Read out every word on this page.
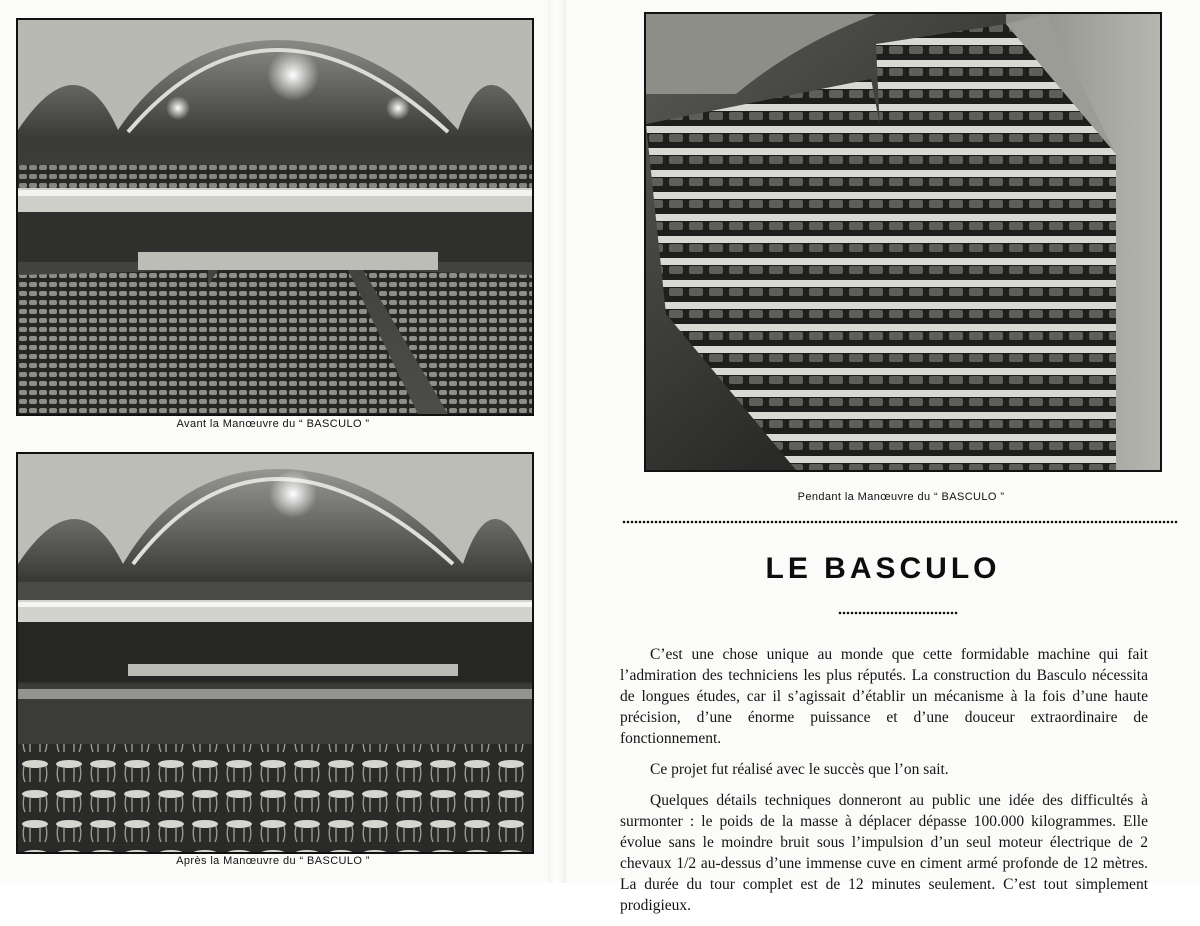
Avant la Manœuvre du “ BASCULO ”
Après la Manœuvre du “ BASCULO ”
Pendant la Manœuvre du “ BASCULO ”
LE BASCULO

C’est une chose unique au monde que cette formidable machine qui fait l’admiration des techniciens les plus réputés. La construction du Basculo nécessita de longues études, car il s’agissait d’établir un mécanisme à la fois d’une haute précision, d’une énorme puissance et d’une douceur extraordinaire de fonctionnement.

Ce projet fut réalisé avec le succès que l’on sait.

Quelques détails techniques donneront au public une idée des difficultés à surmonter : le poids de la masse à déplacer dépasse 100.000 kilogrammes. Elle évolue sans le moindre bruit sous l’impulsion d’un seul moteur électrique de 2 chevaux 1/2 au-dessus d’une immense cuve en ciment armé profonde de 12 mètres. La durée du tour complet est de 12 minutes seulement. C’est tout simplement prodigieux.
